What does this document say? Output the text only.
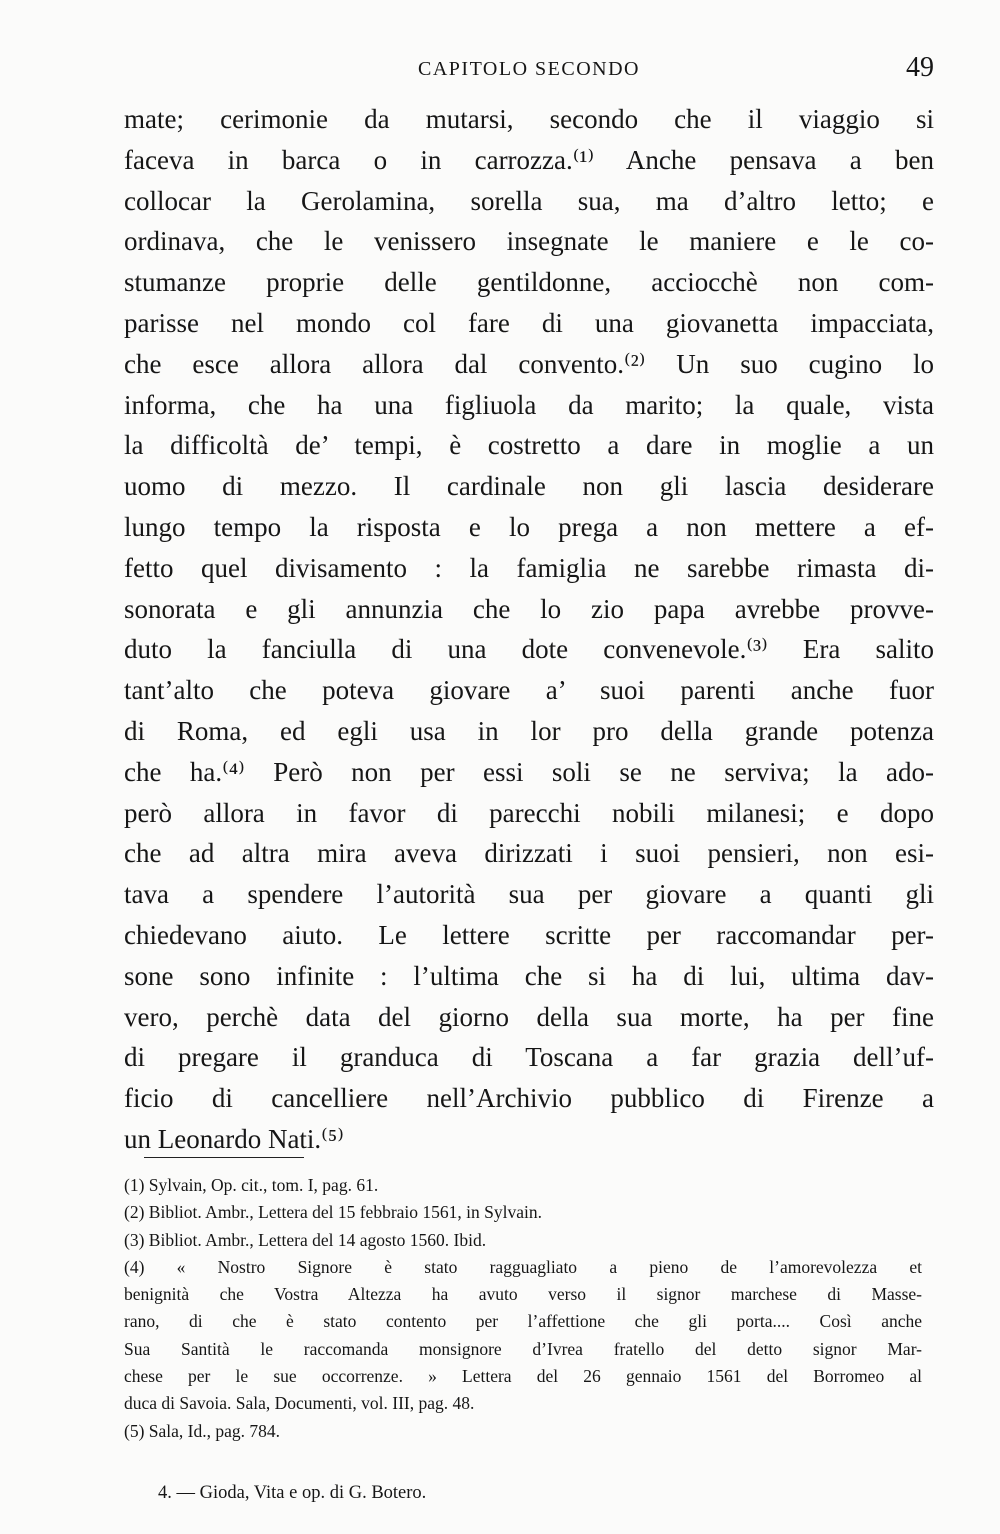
CAPITOLO SECONDO	49
mate; cerimonie da mutarsi, secondo che il viaggio si
faceva in barca o in carrozza.⁽¹⁾ Anche pensava a ben
collocar la Gerolamina, sorella sua, ma d’altro letto; e
ordinava, che le venissero insegnate le maniere e le co-
stumanze proprie delle gentildonne, acciocchè non com-
parisse nel mondo col fare di una giovanetta impacciata,
che esce allora allora dal convento.⁽²⁾ Un suo cugino lo
informa, che ha una figliuola da marito; la quale, vista
la difficoltà de’ tempi, è costretto a dare in moglie a un
uomo di mezzo. Il cardinale non gli lascia desiderare
lungo tempo la risposta e lo prega a non mettere a ef-
fetto quel divisamento : la famiglia ne sarebbe rimasta di-
sonorata e gli annunzia che lo zio papa avrebbe provve-
duto la fanciulla di una dote convenevole.⁽³⁾ Era salito
tant’alto che poteva giovare a’ suoi parenti anche fuor
di Roma, ed egli usa in lor pro della grande potenza
che ha.⁽⁴⁾ Però non per essi soli se ne serviva; la ado-
però allora in favor di parecchi nobili milanesi; e dopo
che ad altra mira aveva dirizzati i suoi pensieri, non esi-
tava a spendere l’autorità sua per giovare a quanti gli
chiedevano aiuto. Le lettere scritte per raccomandar per-
sone sono infinite : l’ultima che si ha di lui, ultima dav-
vero, perchè data del giorno della sua morte, ha per fine
di pregare il granduca di Toscana a far grazia dell’uf-
ficio di cancelliere nell’Archivio pubblico di Firenze a
un Leonardo Nati.⁽⁵⁾
(1) Sylvain, Op. cit., tom. I, pag. 61.
(2) Bibliot. Ambr., Lettera del 15 febbraio 1561, in Sylvain.
(3) Bibliot. Ambr., Lettera del 14 agosto 1560. Ibid.
(4) « Nostro Signore è stato ragguagliato a pieno de l’amorevolezza et
benignità che Vostra Altezza ha avuto verso il signor marchese di Masse-
rano, di che è stato contento per l’affettione che gli porta.... Così anche
Sua Santità le raccomanda monsignore d’Ivrea fratello del detto signor Mar-
chese per le sue occorrenze. » Lettera del 26 gennaio 1561 del Borromeo al
duca di Savoia. Sala, Documenti, vol. III, pag. 48.
(5) Sala, Id., pag. 784.
4. — Gioda, Vita e op. di G. Botero.
